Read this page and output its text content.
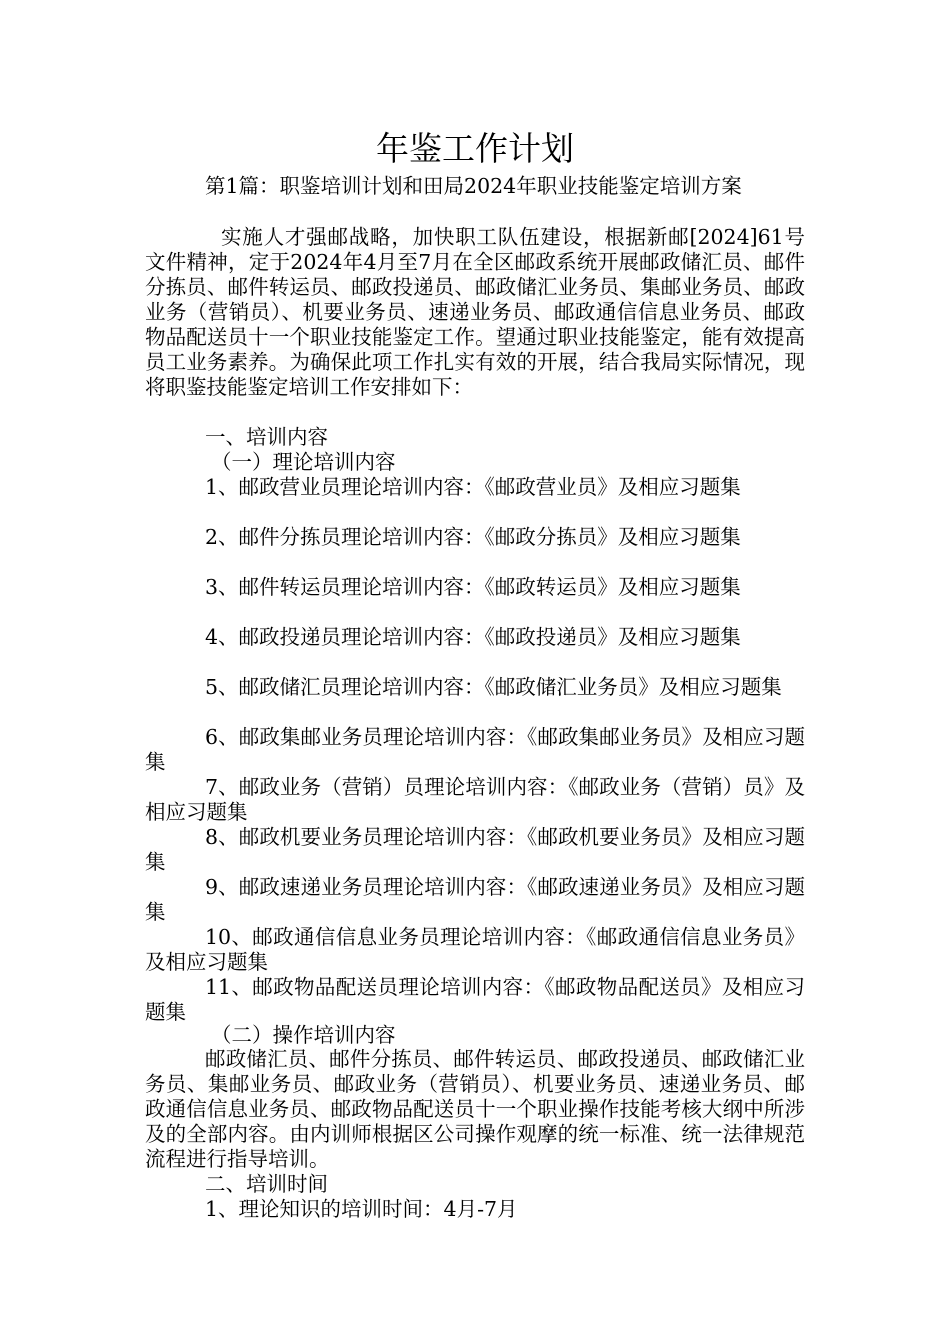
年鉴工作计划

第1篇：职鉴培训计划和田局2024年职业技能鉴定培训方案

实施人才强邮战略，加快职工队伍建设，根据新邮[2024]61号文件精神，定于2024年4月至7月在全区邮政系统开展邮政储汇员、邮件分拣员、邮件转运员、邮政投递员、邮政储汇业务员、集邮业务员、邮政业务（营销员）、机要业务员、速递业务员、邮政通信信息业务员、邮政物品配送员十一个职业技能鉴定工作。望通过职业技能鉴定，能有效提高员工业务素养。为确保此项工作扎实有效的开展，结合我局实际情况，现将职鉴技能鉴定培训工作安排如下：

一、培训内容

（一）理论培训内容

1、邮政营业员理论培训内容：《邮政营业员》及相应习题集

2、邮件分拣员理论培训内容：《邮政分拣员》及相应习题集

3、邮件转运员理论培训内容：《邮政转运员》及相应习题集

4、邮政投递员理论培训内容：《邮政投递员》及相应习题集

5、邮政储汇员理论培训内容：《邮政储汇业务员》及相应习题集

6、邮政集邮业务员理论培训内容：《邮政集邮业务员》及相应习题集

7、邮政业务（营销）员理论培训内容：《邮政业务（营销）员》及相应习题集

8、邮政机要业务员理论培训内容：《邮政机要业务员》及相应习题集

9、邮政速递业务员理论培训内容：《邮政速递业务员》及相应习题集

10、邮政通信信息业务员理论培训内容：《邮政通信信息业务员》及相应习题集

11、邮政物品配送员理论培训内容：《邮政物品配送员》及相应习题集

（二）操作培训内容

邮政储汇员、邮件分拣员、邮件转运员、邮政投递员、邮政储汇业务员、集邮业务员、邮政业务（营销员）、机要业务员、速递业务员、邮政通信信息业务员、邮政物品配送员十一个职业操作技能考核大纲中所涉及的全部内容。由内训师根据区公司操作观摩的统一标准、统一法律规范流程进行指导培训。

二、培训时间

1、理论知识的培训时间：4月-7月
